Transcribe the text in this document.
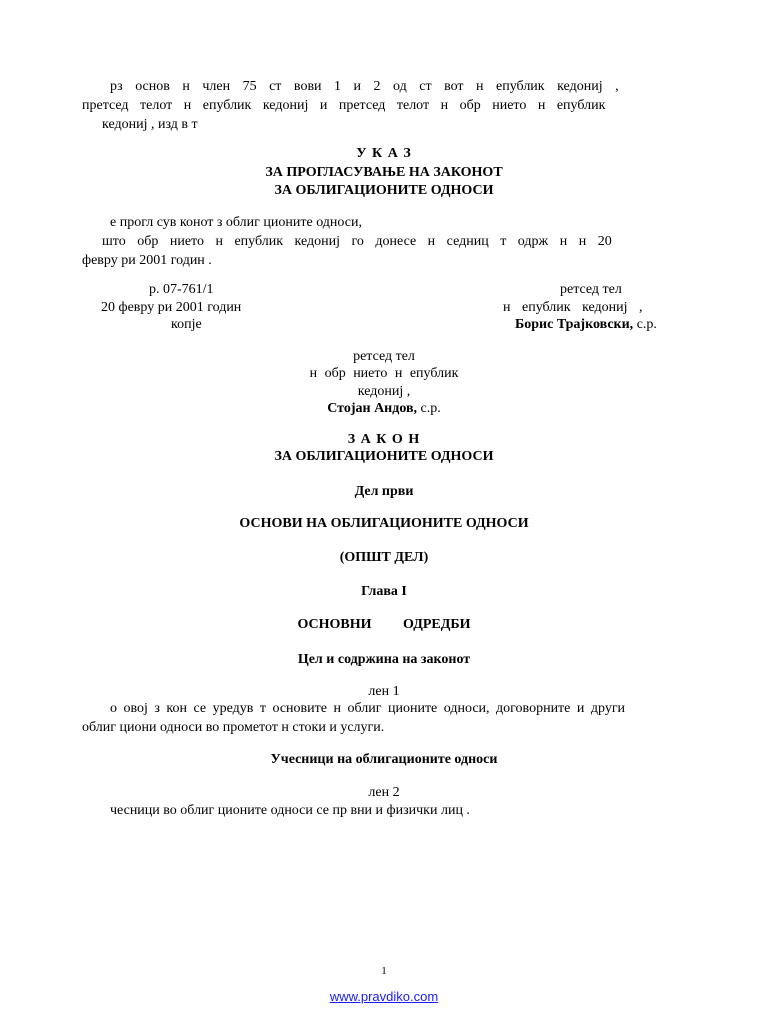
рз основ н член 75 ст вови 1 и 2 од ст вот н епублик кедониј ,
претсед телот н епублик кедониј и претсед телот н обр нието н епублик
кедониј , изд в т

У К А З

ЗА ПРОГЛАСУВАЊЕ НА ЗАКОНОТ

ЗА ОБЛИГАЦИОНИТЕ ОДНОСИ

е прогл сув конот з облиг ционите односи,
што обр нието н епублик кедониј го донесе н седниц т одрж н н 20
февру ри 2001 годин .
р. 07-761/1
20 февру ри 2001 годин
копје
ретсед тел
н епублик кедониј ,
Борис Трајковски, с.р.

ретсед тел

н обр нието н епублик

кедониј ,

Стојан Андов, с.р.

З А К О Н

ЗА ОБЛИГАЦИОНИТЕ ОДНОСИ

Дел први

ОСНОВИ НА ОБЛИГАЦИОНИТЕ ОДНОСИ

(ОПШТ ДЕЛ)

Глава I

ОСНОВНИ         ОДРЕДБИ

Цел и содржина на законот

лен 1

о овој з кон се уредув т основите н облиг ционите односи, договорните и други
облиг циони односи во прометот н стоки и услуги.

Учесници на облигационите односи

лен 2

чесници во облиг ционите односи се пр вни и физички лиц .
1
www.pravdiko.com
